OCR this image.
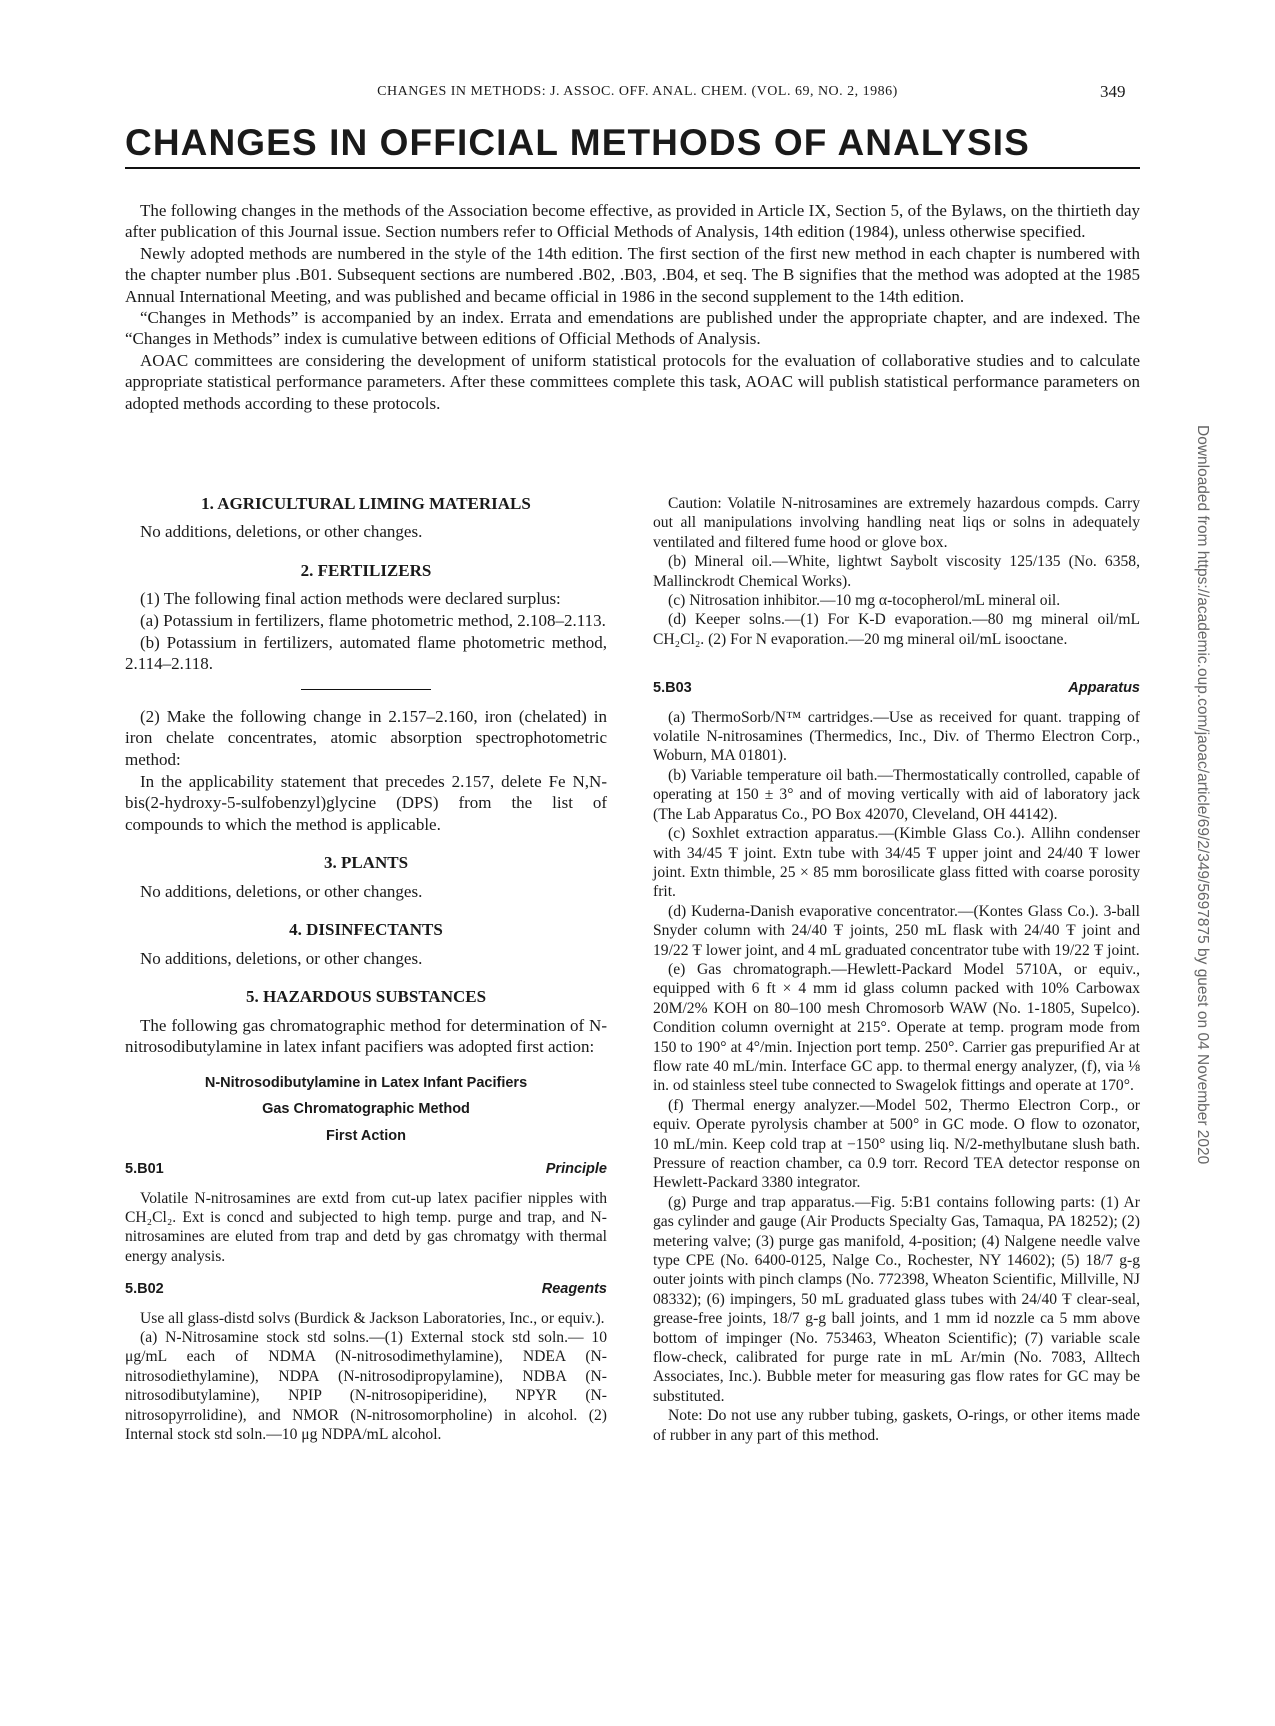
CHANGES IN METHODS: J. ASSOC. OFF. ANAL. CHEM. (VOL. 69, NO. 2, 1986)	349
CHANGES IN OFFICIAL METHODS OF ANALYSIS

The following changes in the methods of the Association become effective, as provided in Article IX, Section 5, of the Bylaws, on the thirtieth day after publication of this Journal issue. Section numbers refer to Official Methods of Analysis, 14th edition (1984), unless otherwise specified.

Newly adopted methods are numbered in the style of the 14th edition. The first section of the first new method in each chapter is numbered with the chapter number plus .B01. Subsequent sections are numbered .B02, .B03, .B04, et seq. The B signifies that the method was adopted at the 1985 Annual International Meeting, and was published and became official in 1986 in the second supplement to the 14th edition.

“Changes in Methods” is accompanied by an index. Errata and emendations are published under the appropriate chapter, and are indexed. The “Changes in Methods” index is cumulative between editions of Official Methods of Analysis.

AOAC committees are considering the development of uniform statistical protocols for the evaluation of collaborative studies and to calculate appropriate statistical performance parameters. After these committees complete this task, AOAC will publish statistical performance parameters on adopted methods according to these protocols.

1. AGRICULTURAL LIMING MATERIALS

No additions, deletions, or other changes.

2. FERTILIZERS

(1) The following final action methods were declared surplus:

(a) Potassium in fertilizers, flame photometric method, 2.108–2.113.

(b) Potassium in fertilizers, automated flame photometric method, 2.114–2.118.

(2) Make the following change in 2.157–2.160, iron (chelated) in iron chelate concentrates, atomic absorption spectrophotometric method:

In the applicability statement that precedes 2.157, delete Fe N,N-bis(2-hydroxy-5-sulfobenzyl)glycine (DPS) from the list of compounds to which the method is applicable.

3. PLANTS

No additions, deletions, or other changes.

4. DISINFECTANTS

No additions, deletions, or other changes.

5. HAZARDOUS SUBSTANCES

The following gas chromatographic method for determination of N-nitrosodibutylamine in latex infant pacifiers was adopted first action:

N-Nitrosodibutylamine in Latex Infant Pacifiers
Gas Chromatographic Method
First Action
5.B01	Principle

Volatile N-nitrosamines are extd from cut-up latex pacifier nipples with CH₂Cl₂. Ext is concd and subjected to high temp. purge and trap, and N-nitrosamines are eluted from trap and detd by gas chromatgy with thermal energy analysis.

5.B02	Reagents

Use all glass-distd solvs (Burdick & Jackson Laboratories, Inc., or equiv.).

(a) N-Nitrosamine stock std solns.—(1) External stock std soln.— 10 μg/mL each of NDMA (N-nitrosodimethylamine), NDEA (N-nitrosodiethylamine), NDPA (N-nitrosodipropylamine), NDBA (N-nitrosodibutylamine), NPIP (N-nitrosopiperidine), NPYR (N-nitrosopyrrolidine), and NMOR (N-nitrosomorpholine) in alcohol. (2) Internal stock std soln.—10 μg NDPA/mL alcohol.

Caution: Volatile N-nitrosamines are extremely hazardous compds. Carry out all manipulations involving handling neat liqs or solns in adequately ventilated and filtered fume hood or glove box.

(b) Mineral oil.—White, lightwt Saybolt viscosity 125/135 (No. 6358, Mallinckrodt Chemical Works).

(c) Nitrosation inhibitor.—10 mg α-tocopherol/mL mineral oil.

(d) Keeper solns.—(1) For K-D evaporation.—80 mg mineral oil/mL CH₂Cl₂. (2) For N evaporation.—20 mg mineral oil/mL isooctane.

5.B03	Apparatus

(a) ThermoSorb/N™ cartridges.—Use as received for quant. trapping of volatile N-nitrosamines (Thermedics, Inc., Div. of Thermo Electron Corp., Woburn, MA 01801).

(b) Variable temperature oil bath.—Thermostatically controlled, capable of operating at 150 ± 3° and of moving vertically with aid of laboratory jack (The Lab Apparatus Co., PO Box 42070, Cleveland, OH 44142).

(c) Soxhlet extraction apparatus.—(Kimble Glass Co.). Allihn condenser with 34/45 Ŧ joint. Extn tube with 34/45 Ŧ upper joint and 24/40 Ŧ lower joint. Extn thimble, 25 × 85 mm borosilicate glass fitted with coarse porosity frit.

(d) Kuderna-Danish evaporative concentrator.—(Kontes Glass Co.). 3-ball Snyder column with 24/40 Ŧ joints, 250 mL flask with 24/40 Ŧ joint and 19/22 Ŧ lower joint, and 4 mL graduated concentrator tube with 19/22 Ŧ joint.

(e) Gas chromatograph.—Hewlett-Packard Model 5710A, or equiv., equipped with 6 ft × 4 mm id glass column packed with 10% Carbowax 20M/2% KOH on 80–100 mesh Chromosorb WAW (No. 1-1805, Supelco). Condition column overnight at 215°. Operate at temp. program mode from 150 to 190° at 4°/min. Injection port temp. 250°. Carrier gas prepurified Ar at flow rate 40 mL/min. Interface GC app. to thermal energy analyzer, (f), via ⅛ in. od stainless steel tube connected to Swagelok fittings and operate at 170°.

(f) Thermal energy analyzer.—Model 502, Thermo Electron Corp., or equiv. Operate pyrolysis chamber at 500° in GC mode. O flow to ozonator, 10 mL/min. Keep cold trap at −150° using liq. N/2-methylbutane slush bath. Pressure of reaction chamber, ca 0.9 torr. Record TEA detector response on Hewlett-Packard 3380 integrator.

(g) Purge and trap apparatus.—Fig. 5:B1 contains following parts: (1) Ar gas cylinder and gauge (Air Products Specialty Gas, Tamaqua, PA 18252); (2) metering valve; (3) purge gas manifold, 4-position; (4) Nalgene needle valve type CPE (No. 6400-0125, Nalge Co., Rochester, NY 14602); (5) 18/7 g-g outer joints with pinch clamps (No. 772398, Wheaton Scientific, Millville, NJ 08332); (6) impingers, 50 mL graduated glass tubes with 24/40 Ŧ clear-seal, grease-free joints, 18/7 g-g ball joints, and 1 mm id nozzle ca 5 mm above bottom of impinger (No. 753463, Wheaton Scientific); (7) variable scale flow-check, calibrated for purge rate in mL Ar/min (No. 7083, Alltech Associates, Inc.). Bubble meter for measuring gas flow rates for GC may be substituted.

Note: Do not use any rubber tubing, gaskets, O-rings, or other items made of rubber in any part of this method.

Downloaded from https://academic.oup.com/jaoac/article/69/2/349/5697875 by guest on 04 November 2020
